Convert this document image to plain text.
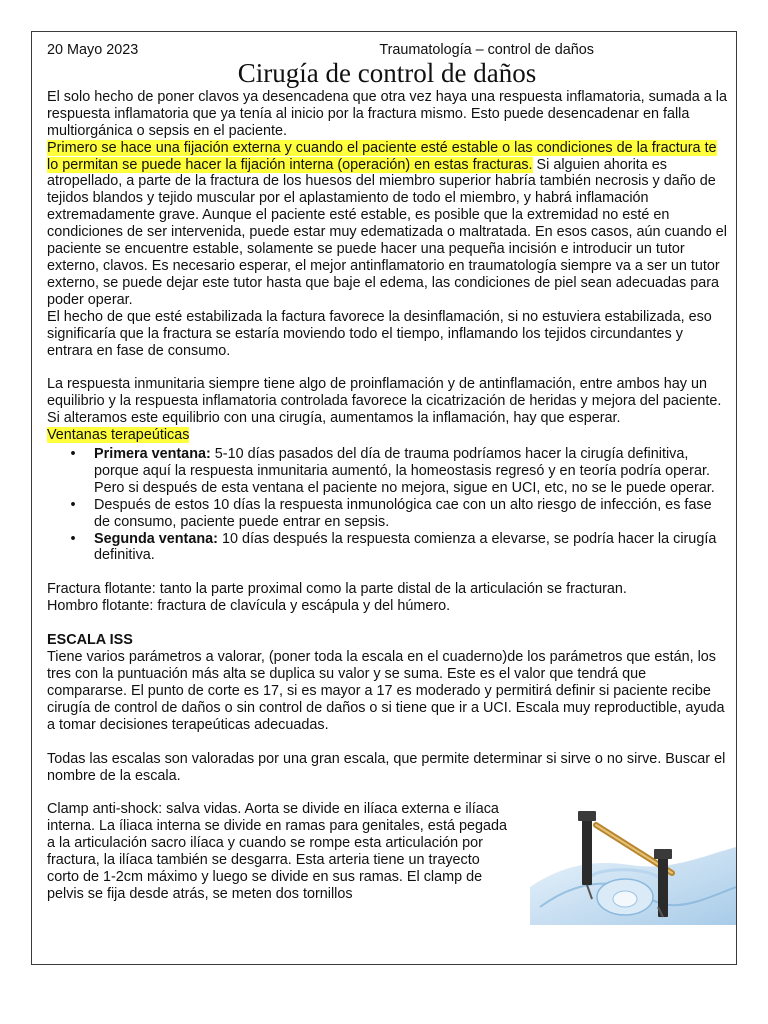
20 Mayo 2023	Traumatología – control de daños
Cirugía de control de daños

El solo hecho de poner clavos ya desencadena que otra vez haya una respuesta inflamatoria, sumada a la respuesta inflamatoria que ya tenía al inicio por la fractura mismo. Esto puede desencadenar en falla multiorgánica o sepsis en el paciente.

Primero se hace una fijación externa y cuando el paciente esté estable o las condiciones de la fractura te lo permitan se puede hacer la fijación interna (operación) en estas fracturas. Si alguien ahorita es atropellado, a parte de la fractura de los huesos del miembro superior habría también necrosis y daño de tejidos blandos y tejido muscular por el aplastamiento de todo el miembro, y habrá inflamación extremadamente grave. Aunque el paciente esté estable, es posible que la extremidad no esté en condiciones de ser intervenida, puede estar muy edematizada o maltratada. En esos casos, aún cuando el paciente se encuentre estable, solamente se puede hacer una pequeña incisión e introducir un tutor externo, clavos. Es necesario esperar, el mejor antinflamatorio en traumatología siempre va a ser un tutor externo, se puede dejar este tutor hasta que baje el edema, las condiciones de piel sean adecuadas para poder operar.

El hecho de que esté estabilizada la factura favorece la desinflamación, si no estuviera estabilizada, eso significaría que la fractura se estaría moviendo todo el tiempo, inflamando los tejidos circundantes y entrara en fase de consumo.

La respuesta inmunitaria siempre tiene algo de proinflamación y de antinflamación, entre ambos hay un equilibrio y la respuesta inflamatoria controlada favorece la cicatrización de heridas y mejora del paciente. Si alteramos este equilibrio con una cirugía, aumentamos la inflamación, hay que esperar.

Ventanas terapeúticas

• Primera ventana: 5-10 días pasados del día de trauma podríamos hacer la cirugía definitiva, porque aquí la respuesta inmunitaria aumentó, la homeostasis regresó y en teoría podría operar. Pero si después de esta ventana el paciente no mejora, sigue en UCI, etc, no se le puede operar.
• Después de estos 10 días la respuesta inmunológica cae con un alto riesgo de infección, es fase de consumo, paciente puede entrar en sepsis.
• Segunda ventana: 10 días después la respuesta comienza a elevarse, se podría hacer la cirugía definitiva.

Fractura flotante: tanto la parte proximal como la parte distal de la articulación se fracturan.

Hombro flotante: fractura de clavícula y escápula y del húmero.

ESCALA ISS

Tiene varios parámetros a valorar, (poner toda la escala en el cuaderno)de los parámetros que están, los tres con la puntuación más alta se duplica su valor y se suma. Este es el valor que tendrá que compararse. El punto de corte es 17, si es mayor a 17 es moderado y permitirá definir si paciente recibe cirugía de control de daños o sin control de daños o si tiene que ir a UCI. Escala muy reproductible, ayuda a tomar decisiones terapeúticas adecuadas.

Todas las escalas son valoradas por una gran escala, que permite determinar si sirve o no sirve. Buscar el nombre de la escala.

Clamp anti-shock: salva vidas. Aorta se divide en ilíaca externa e ilíaca interna. La íliaca interna se divide en ramas para genitales, está pegada a la articulación sacro ilíaca y cuando se rompe esta articulación por fractura, la ilíaca también se desgarra. Esta arteria tiene un trayecto corto de 1-2cm máximo y luego se divide en sus ramas. El clamp de pelvis se fija desde atrás, se meten dos tornillos
